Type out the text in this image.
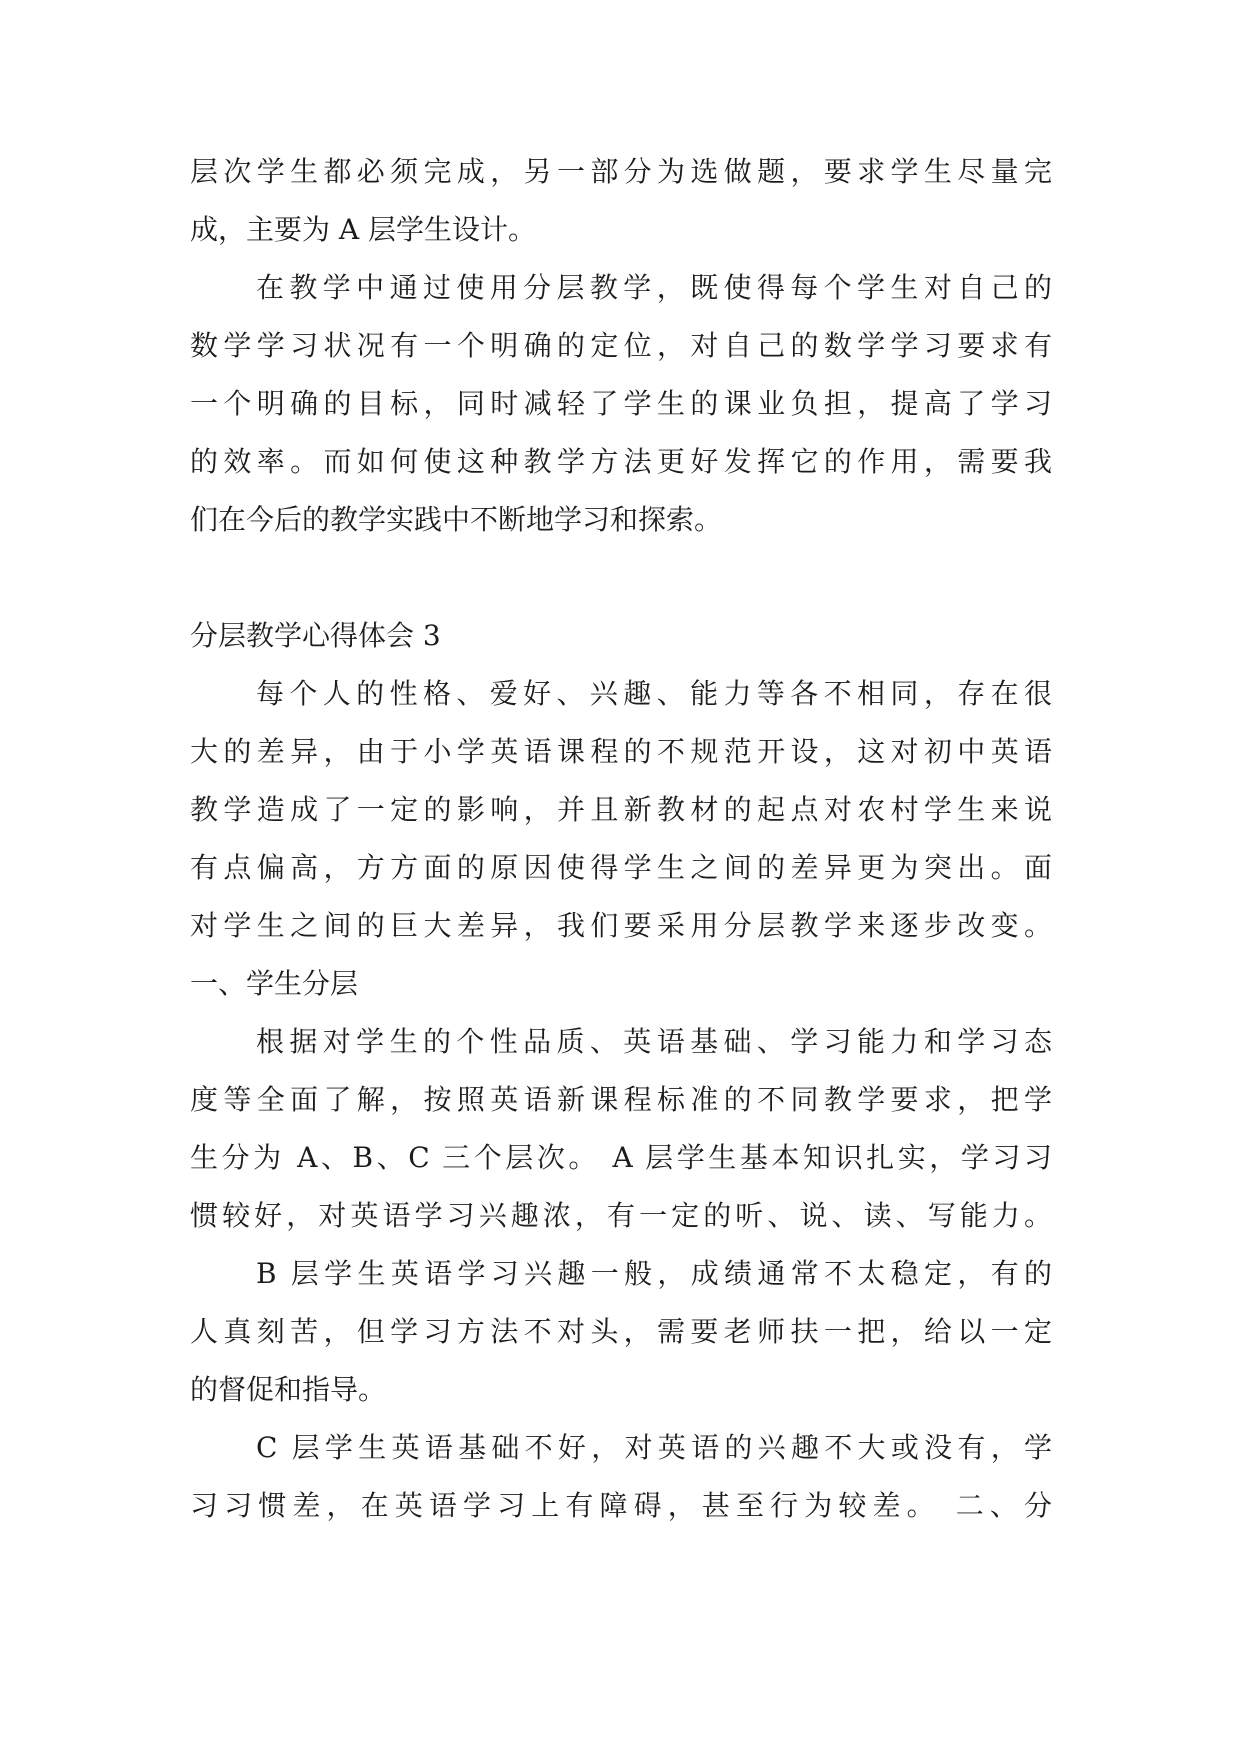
层次学生都必须完成，另一部分为选做题，要求学生尽量完

成，主要为 A 层学生设计。

在教学中通过使用分层教学，既使得每个学生对自己的

数学学习状况有一个明确的定位，对自己的数学学习要求有

一个明确的目标，同时减轻了学生的课业负担，提高了学习

的效率。而如何使这种教学方法更好发挥它的作用，需要我

们在今后的教学实践中不断地学习和探索。

分层教学心得体会 3

每个人的性格、爱好、兴趣、能力等各不相同，存在很

大的差异，由于小学英语课程的不规范开设，这对初中英语

教学造成了一定的影响，并且新教材的起点对农村学生来说

有点偏高，方方面的原因使得学生之间的差异更为突出。面

对学生之间的巨大差异，我们要采用分层教学来逐步改变。

一、学生分层

根据对学生的个性品质、英语基础、学习能力和学习态

度等全面了解，按照英语新课程标准的不同教学要求，把学

生分为 A、B、C 三个层次。 A 层学生基本知识扎实，学习习

惯较好，对英语学习兴趣浓，有一定的听、说、读、写能力。

B 层学生英语学习兴趣一般，成绩通常不太稳定，有的

人真刻苦，但学习方法不对头，需要老师扶一把，给以一定

的督促和指导。

C 层学生英语基础不好，对英语的兴趣不大或没有，学

习习惯差，在英语学习上有障碍，甚至行为较差。 二、分
